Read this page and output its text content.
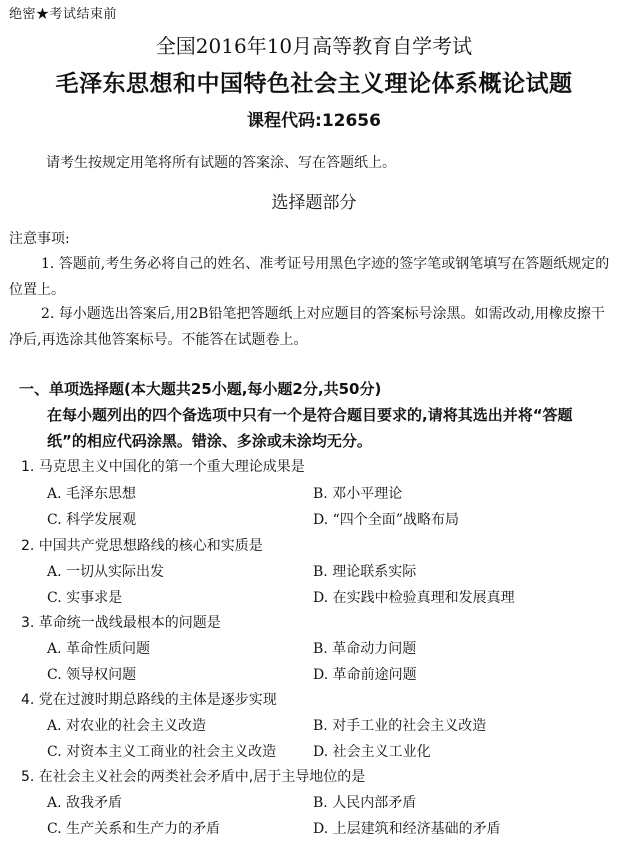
绝密★考试结束前
全国2016年10月高等教育自学考试
毛泽东思想和中国特色社会主义理论体系概论试题
课程代码:12656
请考生按规定用笔将所有试题的答案涂、写在答题纸上。
选择题部分
注意事项:
1. 答题前,考生务必将自己的姓名、准考证号用黑色字迹的签字笔或钢笔填写在答题纸规定的位置上。
2. 每小题选出答案后,用2B铅笔把答题纸上对应题目的答案标号涂黑。如需改动,用橡皮擦干净后,再选涂其他答案标号。不能答在试题卷上。
一、单项选择题(本大题共25小题,每小题2分,共50分)
在每小题列出的四个备选项中只有一个是符合题目要求的,请将其选出并将“答题纸”的相应代码涂黑。错涂、多涂或未涂均无分。
1. 马克思主义中国化的第一个重大理论成果是
A. 毛泽东思想	B. 邓小平理论
C. 科学发展观	D. “四个全面”战略布局
2. 中国共产党思想路线的核心和实质是
A. 一切从实际出发	B. 理论联系实际
C. 实事求是	D. 在实践中检验真理和发展真理
3. 革命统一战线最根本的问题是
A. 革命性质问题	B. 革命动力问题
C. 领导权问题	D. 革命前途问题
4. 党在过渡时期总路线的主体是逐步实现
A. 对农业的社会主义改造	B. 对手工业的社会主义改造
C. 对资本主义工商业的社会主义改造	D. 社会主义工业化
5. 在社会主义社会的两类社会矛盾中,居于主导地位的是
A. 敌我矛盾	B. 人民内部矛盾
C. 生产关系和生产力的矛盾	D. 上层建筑和经济基础的矛盾
